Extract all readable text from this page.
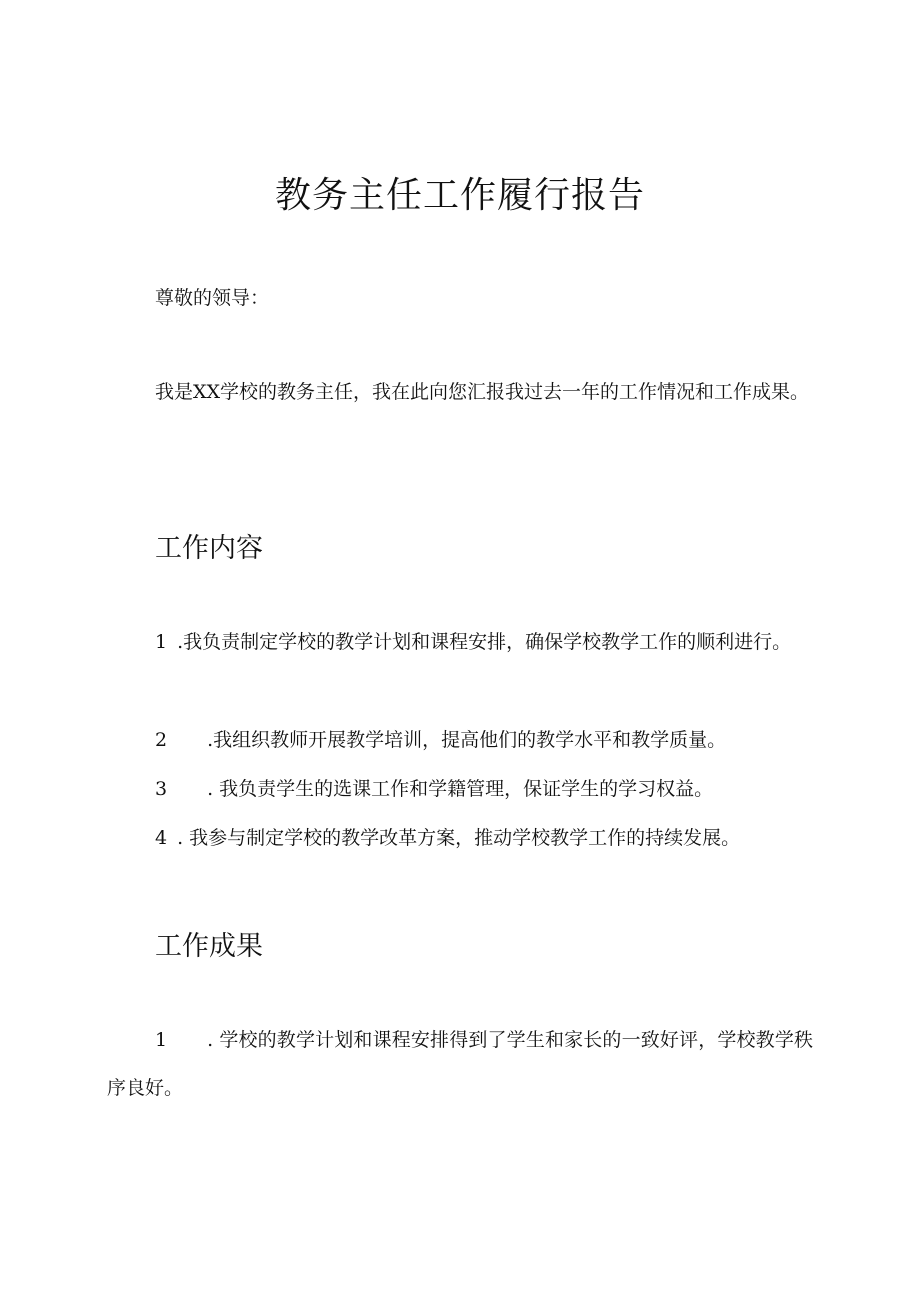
教务主任工作履行报告
尊敬的领导：
我是XX学校的教务主任，我在此向您汇报我过去一年的工作情况和工作成果。
工作内容
1 .我负责制定学校的教学计划和课程安排，确保学校教学工作的顺利进行。
2 .我组织教师开展教学培训，提高他们的教学水平和教学质量。
3 . 我负责学生的选课工作和学籍管理，保证学生的学习权益。
4 . 我参与制定学校的教学改革方案，推动学校教学工作的持续发展。
工作成果
1 . 学校的教学计划和课程安排得到了学生和家长的一致好评，学校教学秩序良好。
